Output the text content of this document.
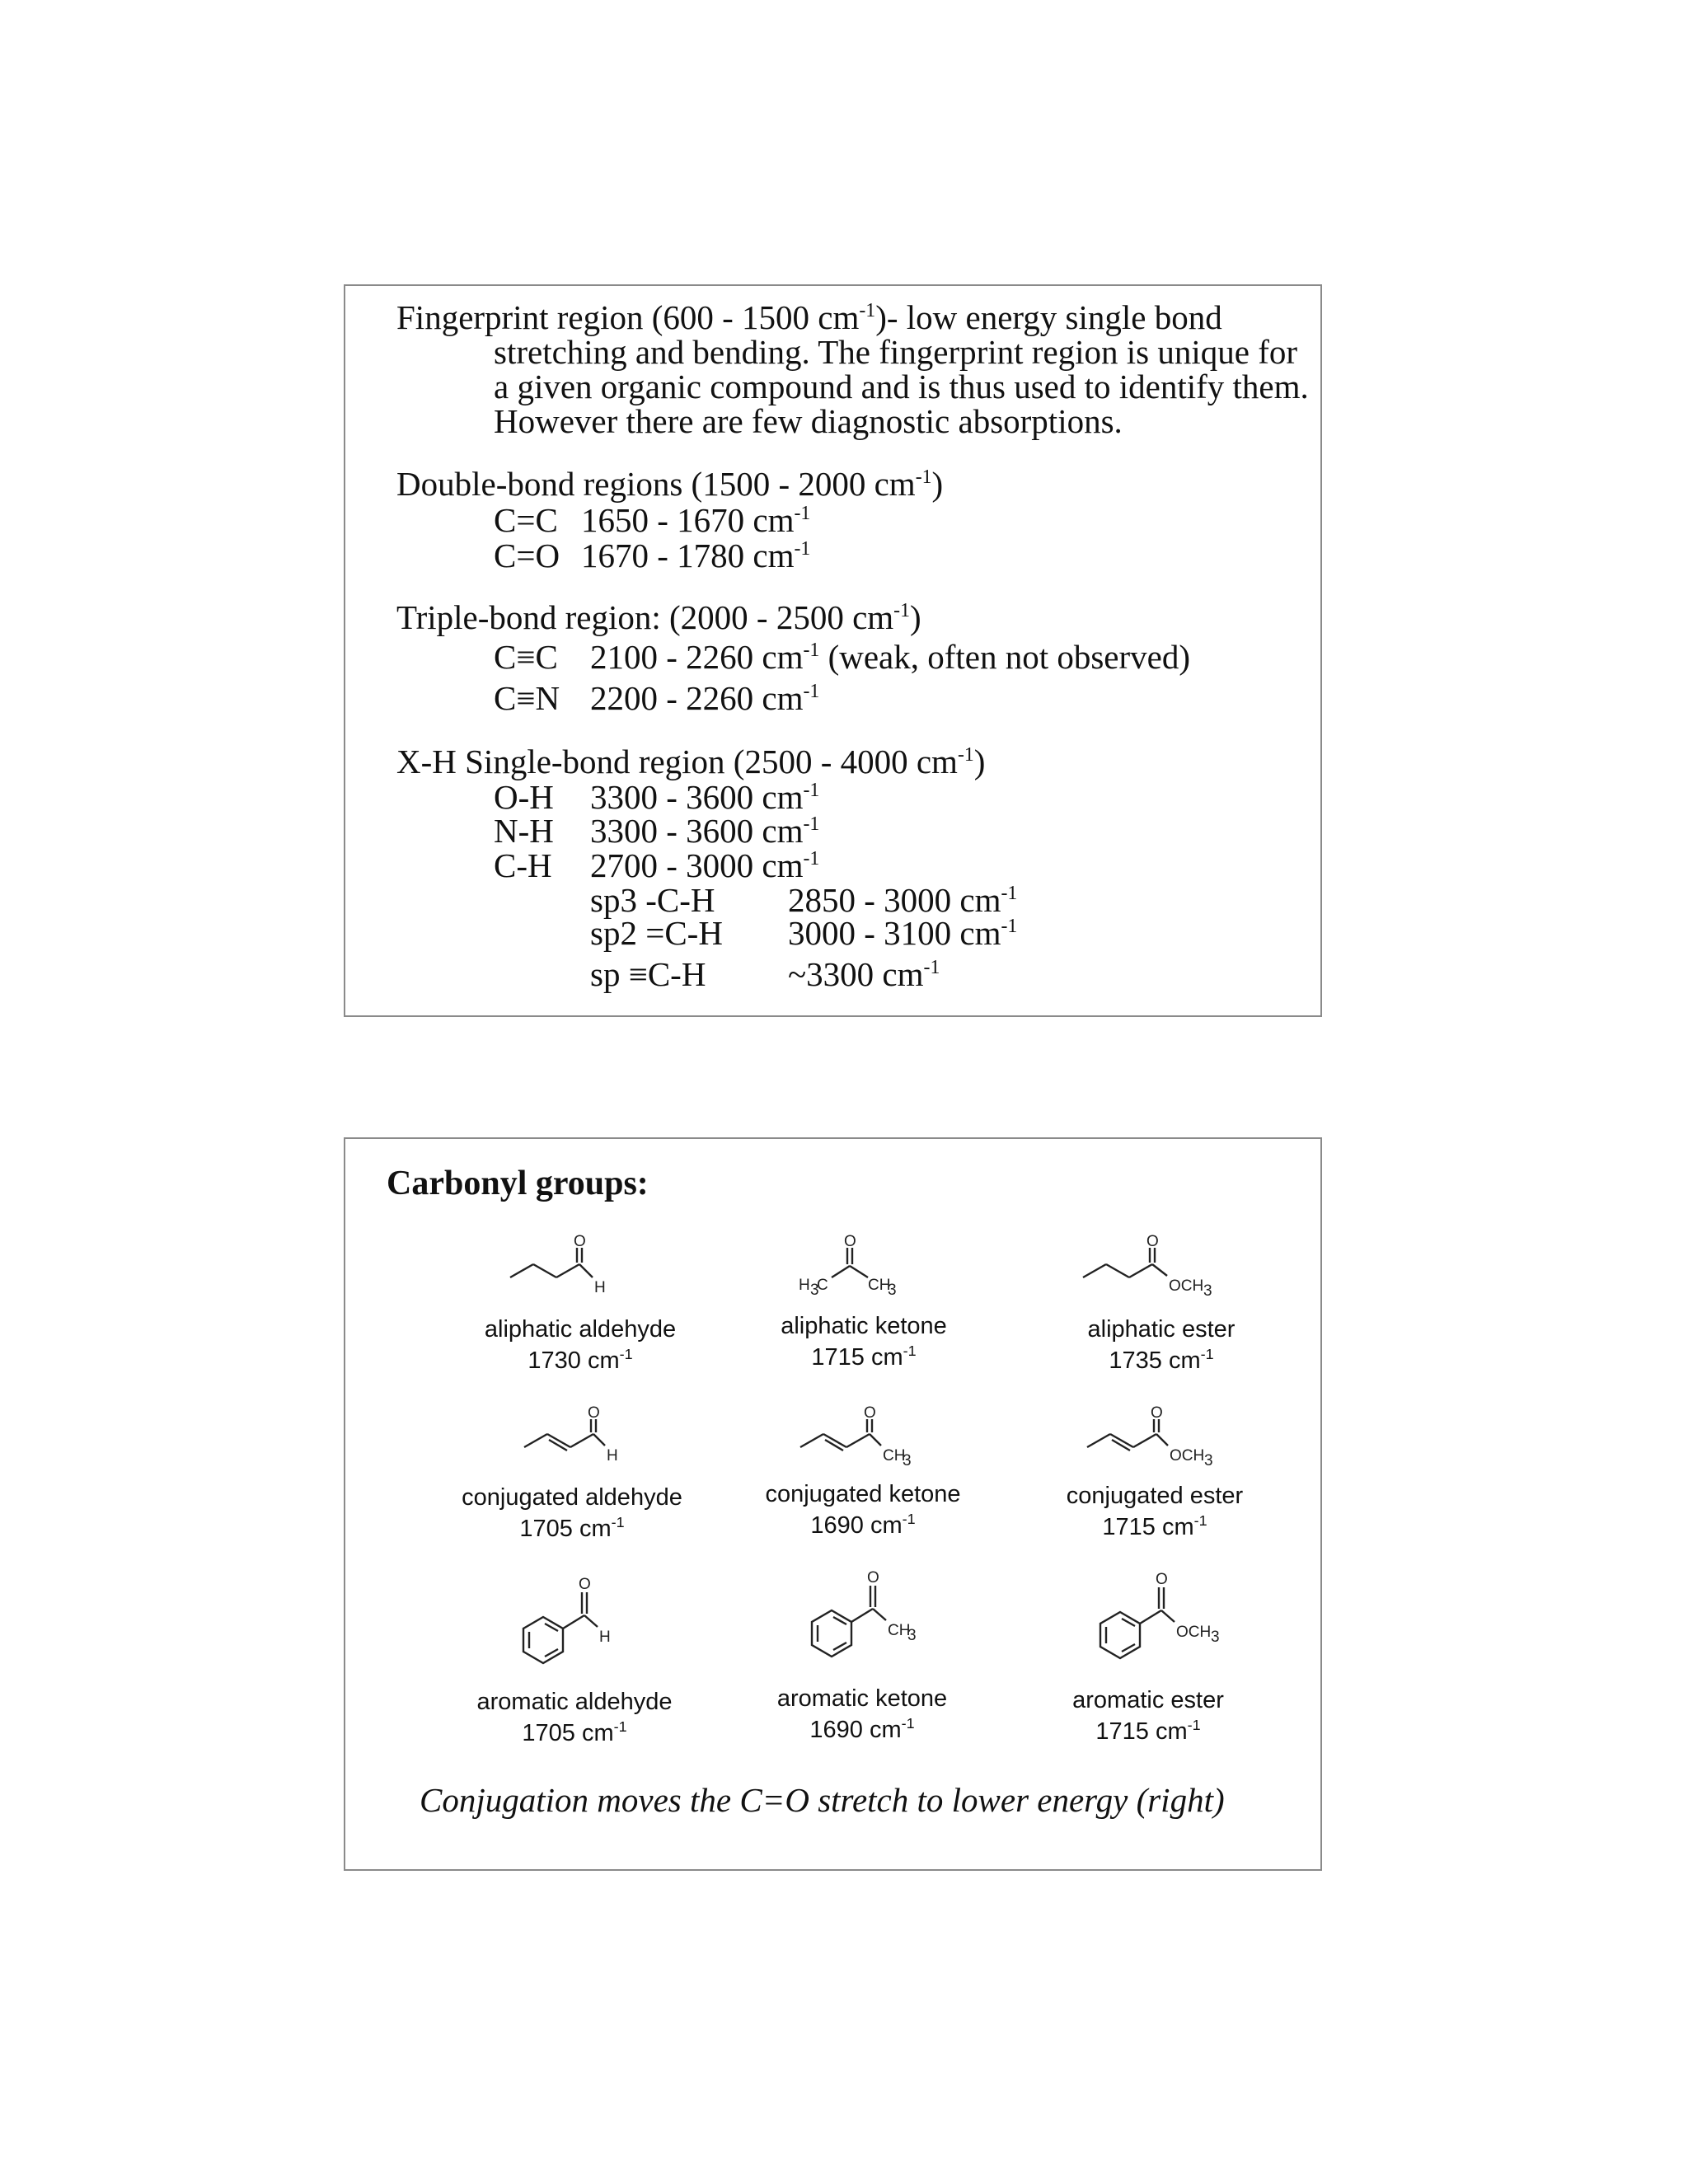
Fingerprint region (600 - 1500 $cm^{-1})-$ low energy single bond
stretching and bending. The fingerprint region is unique for
a given organic compound and is thus used to identify them.
However there are few diagnostic absorptions.
Double-bond regions (1500 - 2000 $cm^{-1}$)
C=C 1650 - 1670 $cm^{-1}$
C=O 1670 - 1780 $cm^{-1}$
Triple-bond region: (2000 - 2500 $cm^{-1}$)
C≡C 2100 - 2260 $cm^{-1}$ (weak, often not observed)
C≡N 2200 - 2260 $cm^{-1}$
X-H Single-bond region (2500 - 4000 $cm^{-1}$)
O-H 3300 - 3600 $cm^{-1}$
N-H 3300 - 3600 $cm^{-1}$
C-H 2700 - 3000 $cm^{-1}$
sp3 -C-H 2850 - 3000 $cm^{-1}$
sp2 =C-H 3000 - 3100 $cm^{-1}$
sp ≡C-H ~3300 $cm^{-1}$
Carbonyl groups:
O
H	H 3
C
O
CH
3
O
OCH 3
aliphatic aldehyde
1730 $cm^{-1}$
aliphatic ketone
1715 $cm^{-1}$
aliphatic ester
1735 $cm^{-1}$
O
H
O
CH
3
O
OCH 3
conjugated aldehyde
1705 $cm^{-1}$
conjugated ketone
1690 $cm^{-1}$
conjugated ester
1715 $cm^{-1}$
O
H
O
CH
3
O
OCH 3
aromatic aldehyde
1705 $cm^{-1}$
aromatic ketone
1690 $cm^{-1}$
aromatic ester
1715 $cm^{-1}$
Conjugation moves the C=O stretch to lower energy (right)
